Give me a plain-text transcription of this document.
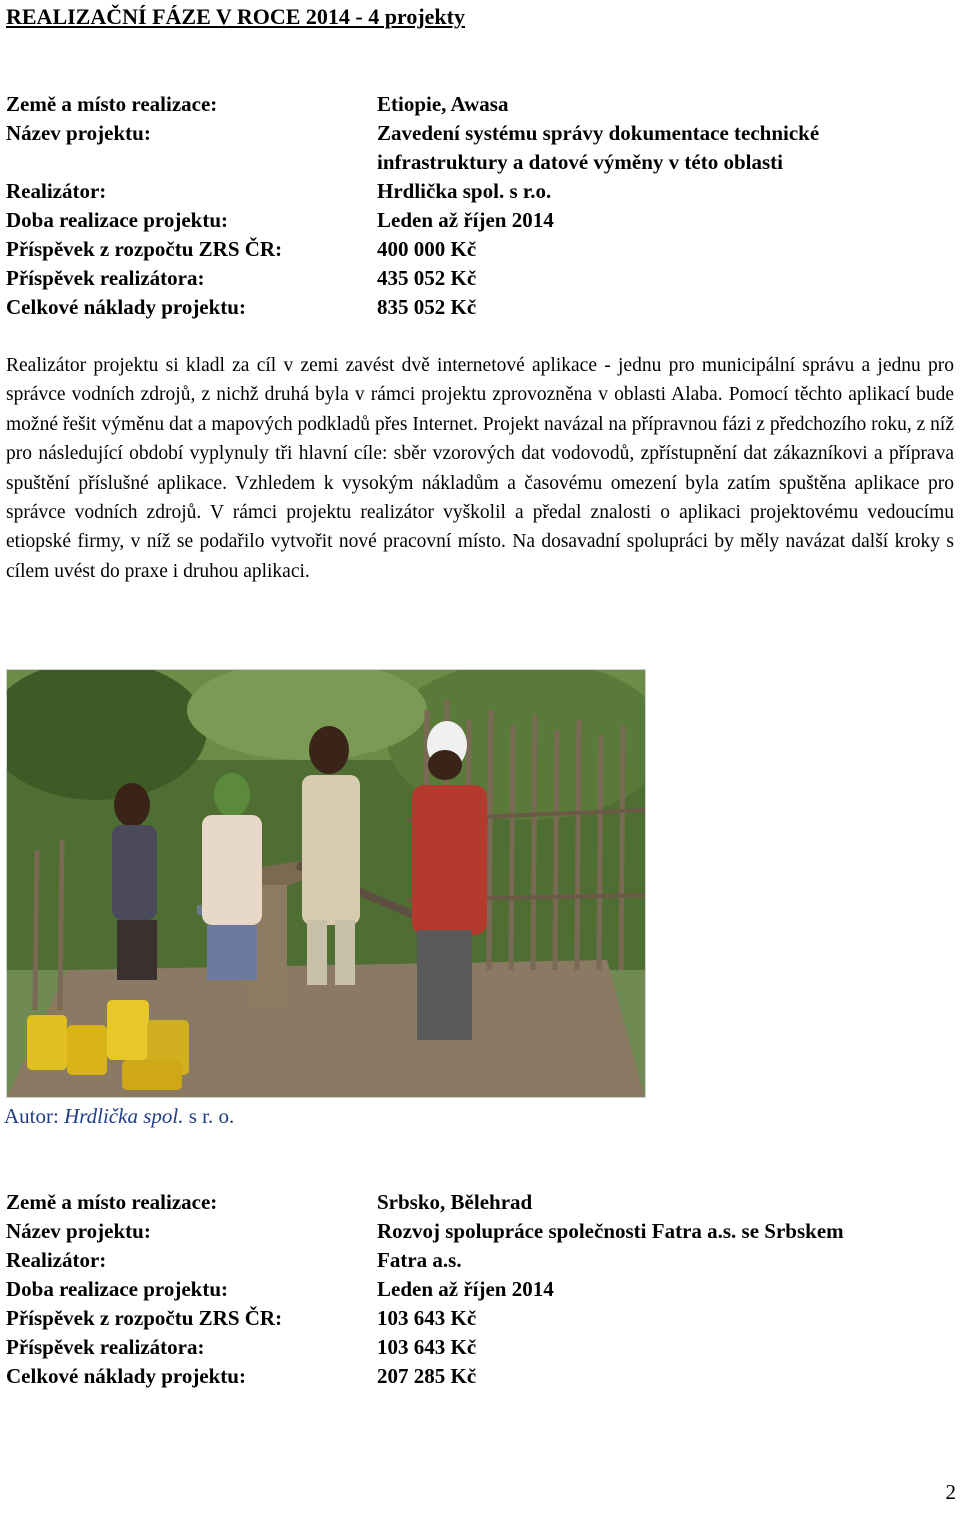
REALIZAČNÍ FÁZE V ROCE 2014 - 4 projekty
Země a místo realizace:	Etiopie, Awasa
Název projektu:	Zavedení systému správy dokumentace technické
infrastruktury a datové výměny v této oblasti
Realizátor:	Hrdlička spol. s r.o.
Doba realizace projektu:	Leden až říjen 2014
Příspěvek z rozpočtu ZRS ČR:	400 000 Kč
Příspěvek realizátora:	435 052 Kč
Celkové náklady projektu:	835 052 Kč
Realizátor projektu si kladl za cíl v zemi zavést dvě internetové aplikace - jednu pro municipální správu a jednu pro správce vodních zdrojů, z nichž druhá byla v rámci projektu zprovozněna v oblasti Alaba. Pomocí těchto aplikací bude možné řešit výměnu dat a mapových podkladů přes Internet. Projekt navázal na přípravnou fázi z předchozího roku, z níž pro následující období vyplynuly tři hlavní cíle: sběr vzorových dat vodovodů, zpřístupnění dat zákazníkovi a příprava spuštění příslušné aplikace. Vzhledem k vysokým nákladům a časovému omezení byla zatím spuštěna aplikace pro správce vodních zdrojů. V rámci projektu realizátor vyškolil a předal znalosti o aplikaci projektovému vedoucímu etiopské firmy, v níž se podařilo vytvořit nové pracovní místo. Na dosavadní spolupráci by měly navázat další kroky s cílem uvést do praxe i druhou aplikaci.
Autor: Hrdlička spol. s r. o.
Země a místo realizace:	Srbsko, Bělehrad
Název projektu:	Rozvoj spolupráce společnosti Fatra a.s. se Srbskem
Realizátor:	Fatra a.s.
Doba realizace projektu:	Leden až říjen 2014
Příspěvek z rozpočtu ZRS ČR:	103 643 Kč
Příspěvek realizátora:	103 643 Kč
Celkové náklady projektu:	207 285 Kč
2
